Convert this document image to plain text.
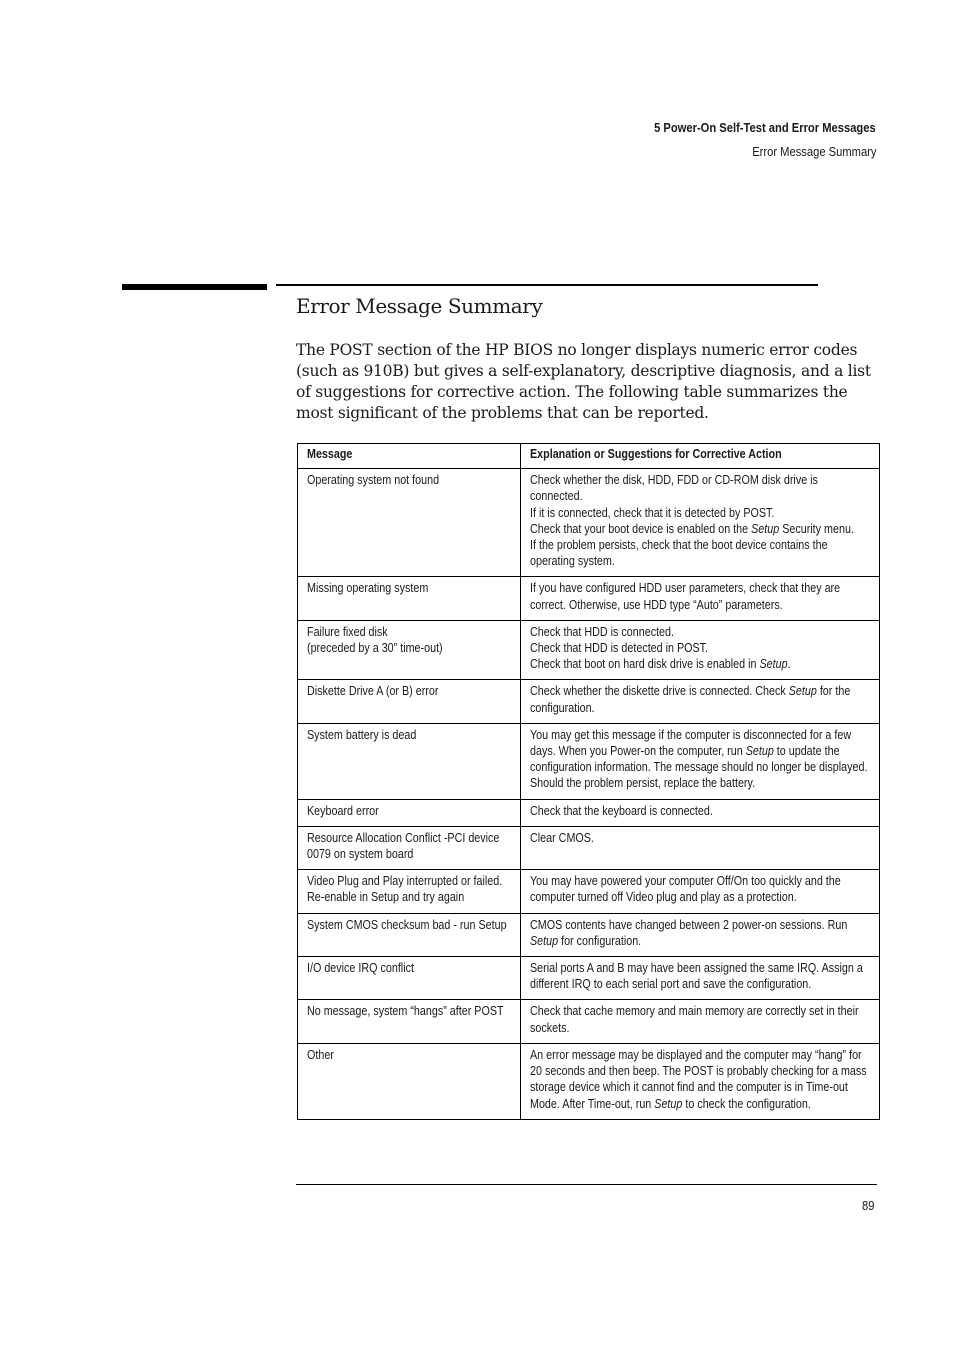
5 Power-On Self-Test and Error Messages
Error Message Summary
Error Message Summary

The POST section of the HP BIOS no longer displays numeric error codes (such as 910B) but gives a self-explanatory, descriptive diagnosis, and a list of suggestions for corrective action. The following table summarizes the most significant of the problems that can be reported.

Message	Explanation or Suggestions for Corrective Action
Operating system not found	Check whether the disk, HDD, FDD or CD-ROM disk drive is connected.
If it is connected, check that it is detected by POST.
Check that your boot device is enabled on the Setup Security menu.
If the problem persists, check that the boot device contains the operating system.
Missing operating system	If you have configured HDD user parameters, check that they are correct. Otherwise, use HDD type “Auto” parameters.
Failure fixed disk
(preceded by a 30” time-out)	Check that HDD is connected.
Check that HDD is detected in POST.
Check that boot on hard disk drive is enabled in Setup.
Diskette Drive A (or B) error	Check whether the diskette drive is connected. Check Setup for the configuration.
System battery is dead	You may get this message if the computer is disconnected for a few days. When you Power-on the computer, run Setup to update the configuration information. The message should no longer be displayed. Should the problem persist, replace the battery.
Keyboard error	Check that the keyboard is connected.
Resource Allocation Conflict -PCI device 0079 on system board	Clear CMOS.
Video Plug and Play interrupted or failed. Re-enable in Setup and try again	You may have powered your computer Off/On too quickly and the computer turned off Video plug and play as a protection.
System CMOS checksum bad - run Setup	CMOS contents have changed between 2 power-on sessions. Run Setup for configuration.
I/O device IRQ conflict	Serial ports A and B may have been assigned the same IRQ. Assign a different IRQ to each serial port and save the configuration.
No message, system “hangs” after POST	Check that cache memory and main memory are correctly set in their sockets.
Other	An error message may be displayed and the computer may “hang” for 20 seconds and then beep. The POST is probably checking for a mass storage device which it cannot find and the computer is in Time-out Mode. After Time-out, run Setup to check the configuration.
89
